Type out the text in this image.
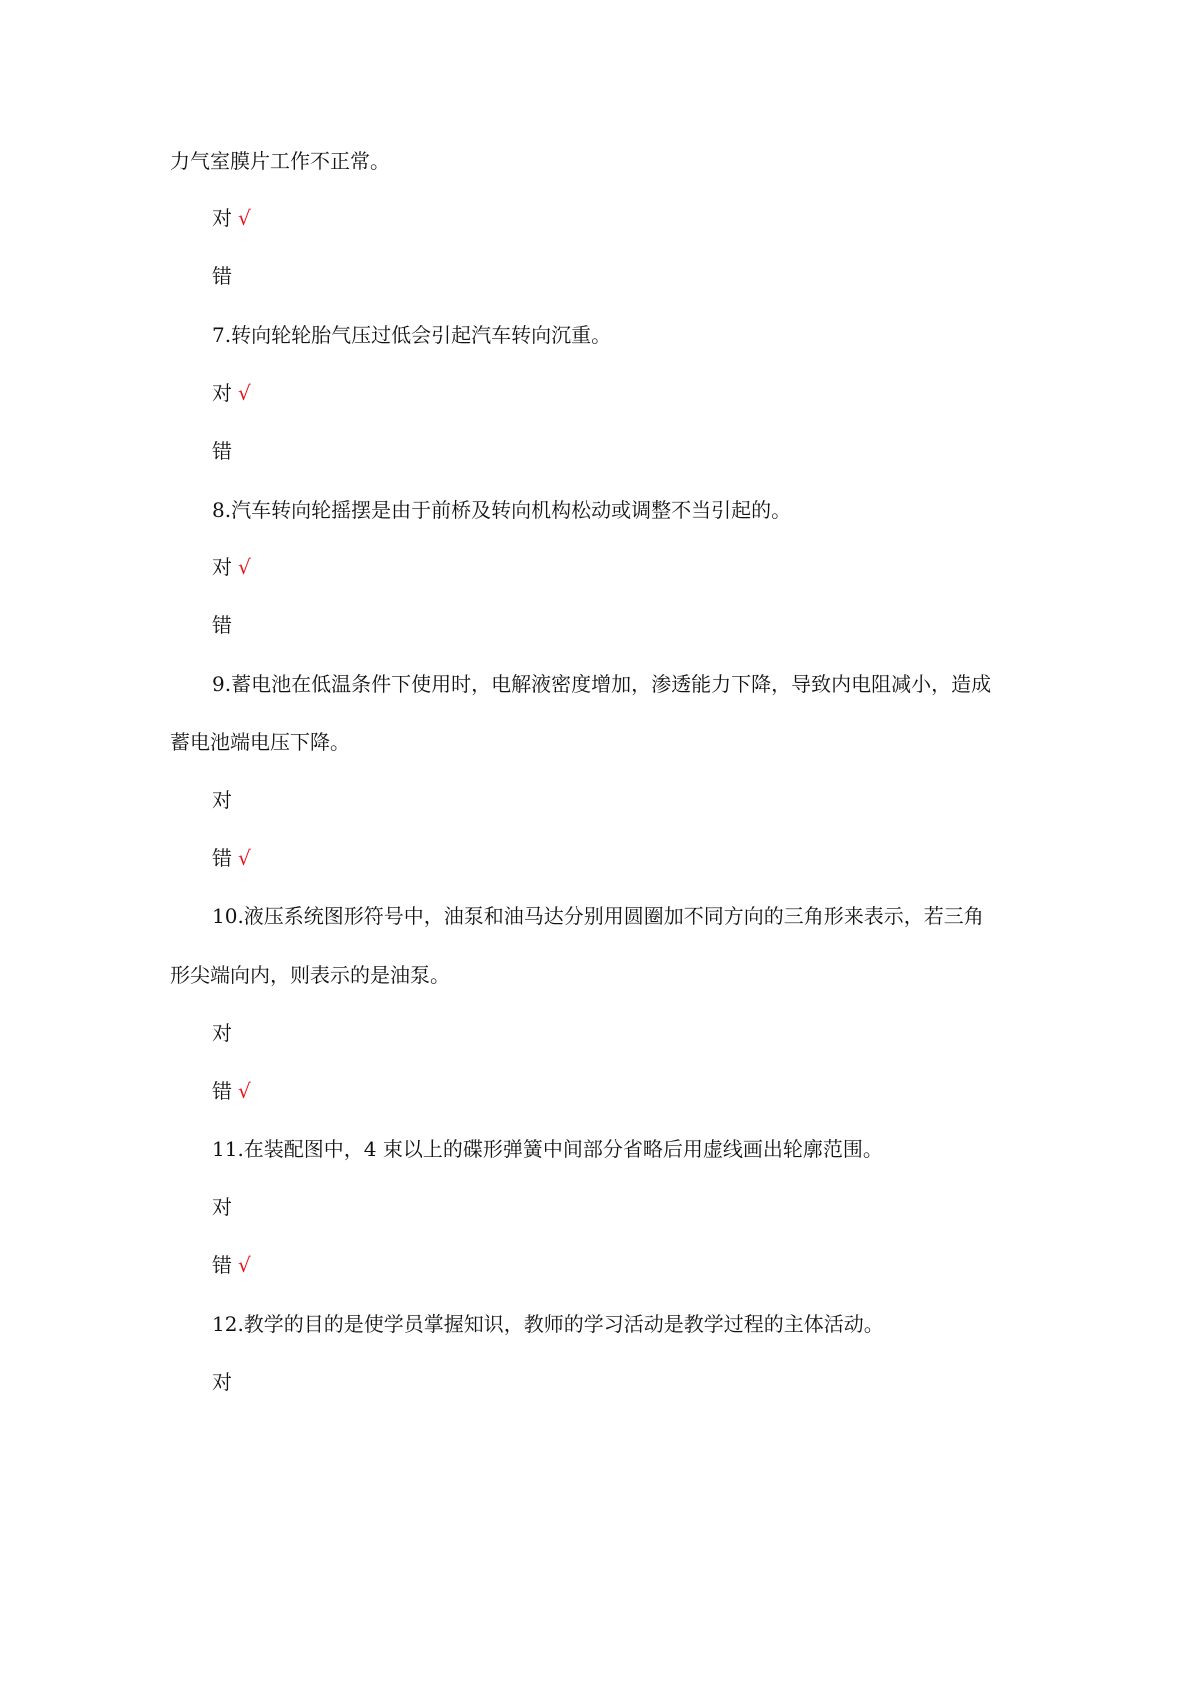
力气室膜片工作不正常。
对 √
错
7.转向轮轮胎气压过低会引起汽车转向沉重。
对 √
错
8.汽车转向轮摇摆是由于前桥及转向机构松动或调整不当引起的。
对 √
错
9.蓄电池在低温条件下使用时，电解液密度增加，渗透能力下降，导致内电阻减小，造成
蓄电池端电压下降。
对
错 √
10.液压系统图形符号中，油泵和油马达分别用圆圈加不同方向的三角形来表示，若三角
形尖端向内，则表示的是油泵。
对
错 √
11.在装配图中，4 束以上的碟形弹簧中间部分省略后用虚线画出轮廓范围。
对
错 √
12.教学的目的是使学员掌握知识，教师的学习活动是教学过程的主体活动。
对
